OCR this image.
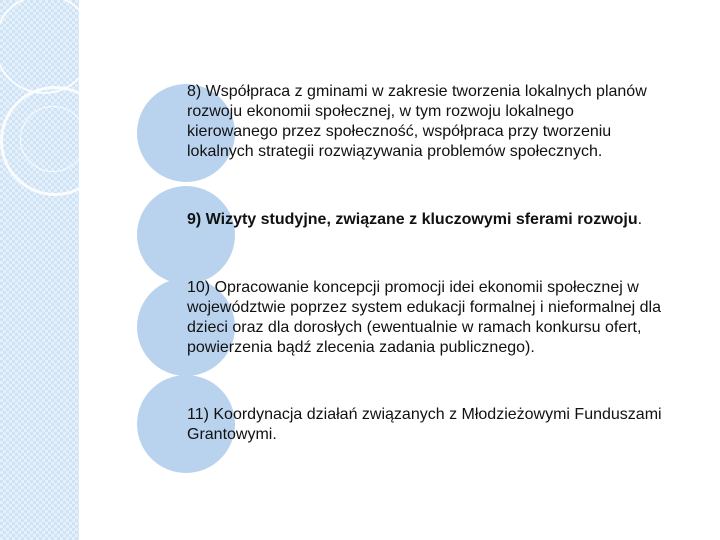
8) Współpraca z gminami w zakresie tworzenia lokalnych planów rozwoju ekonomii społecznej, w tym rozwoju lokalnego kierowanego przez społeczność, współpraca przy tworzeniu lokalnych strategii rozwiązywania problemów społecznych.

9) Wizyty studyjne, związane z kluczowymi sferami rozwoju.

10) Opracowanie koncepcji promocji idei ekonomii społecznej w województwie poprzez system edukacji formalnej i nieformalnej dla dzieci oraz dla dorosłych (ewentualnie w ramach konkursu ofert, powierzenia bądź zlecenia zadania publicznego).

11) Koordynacja działań związanych z Młodzieżowymi Funduszami Grantowymi.
